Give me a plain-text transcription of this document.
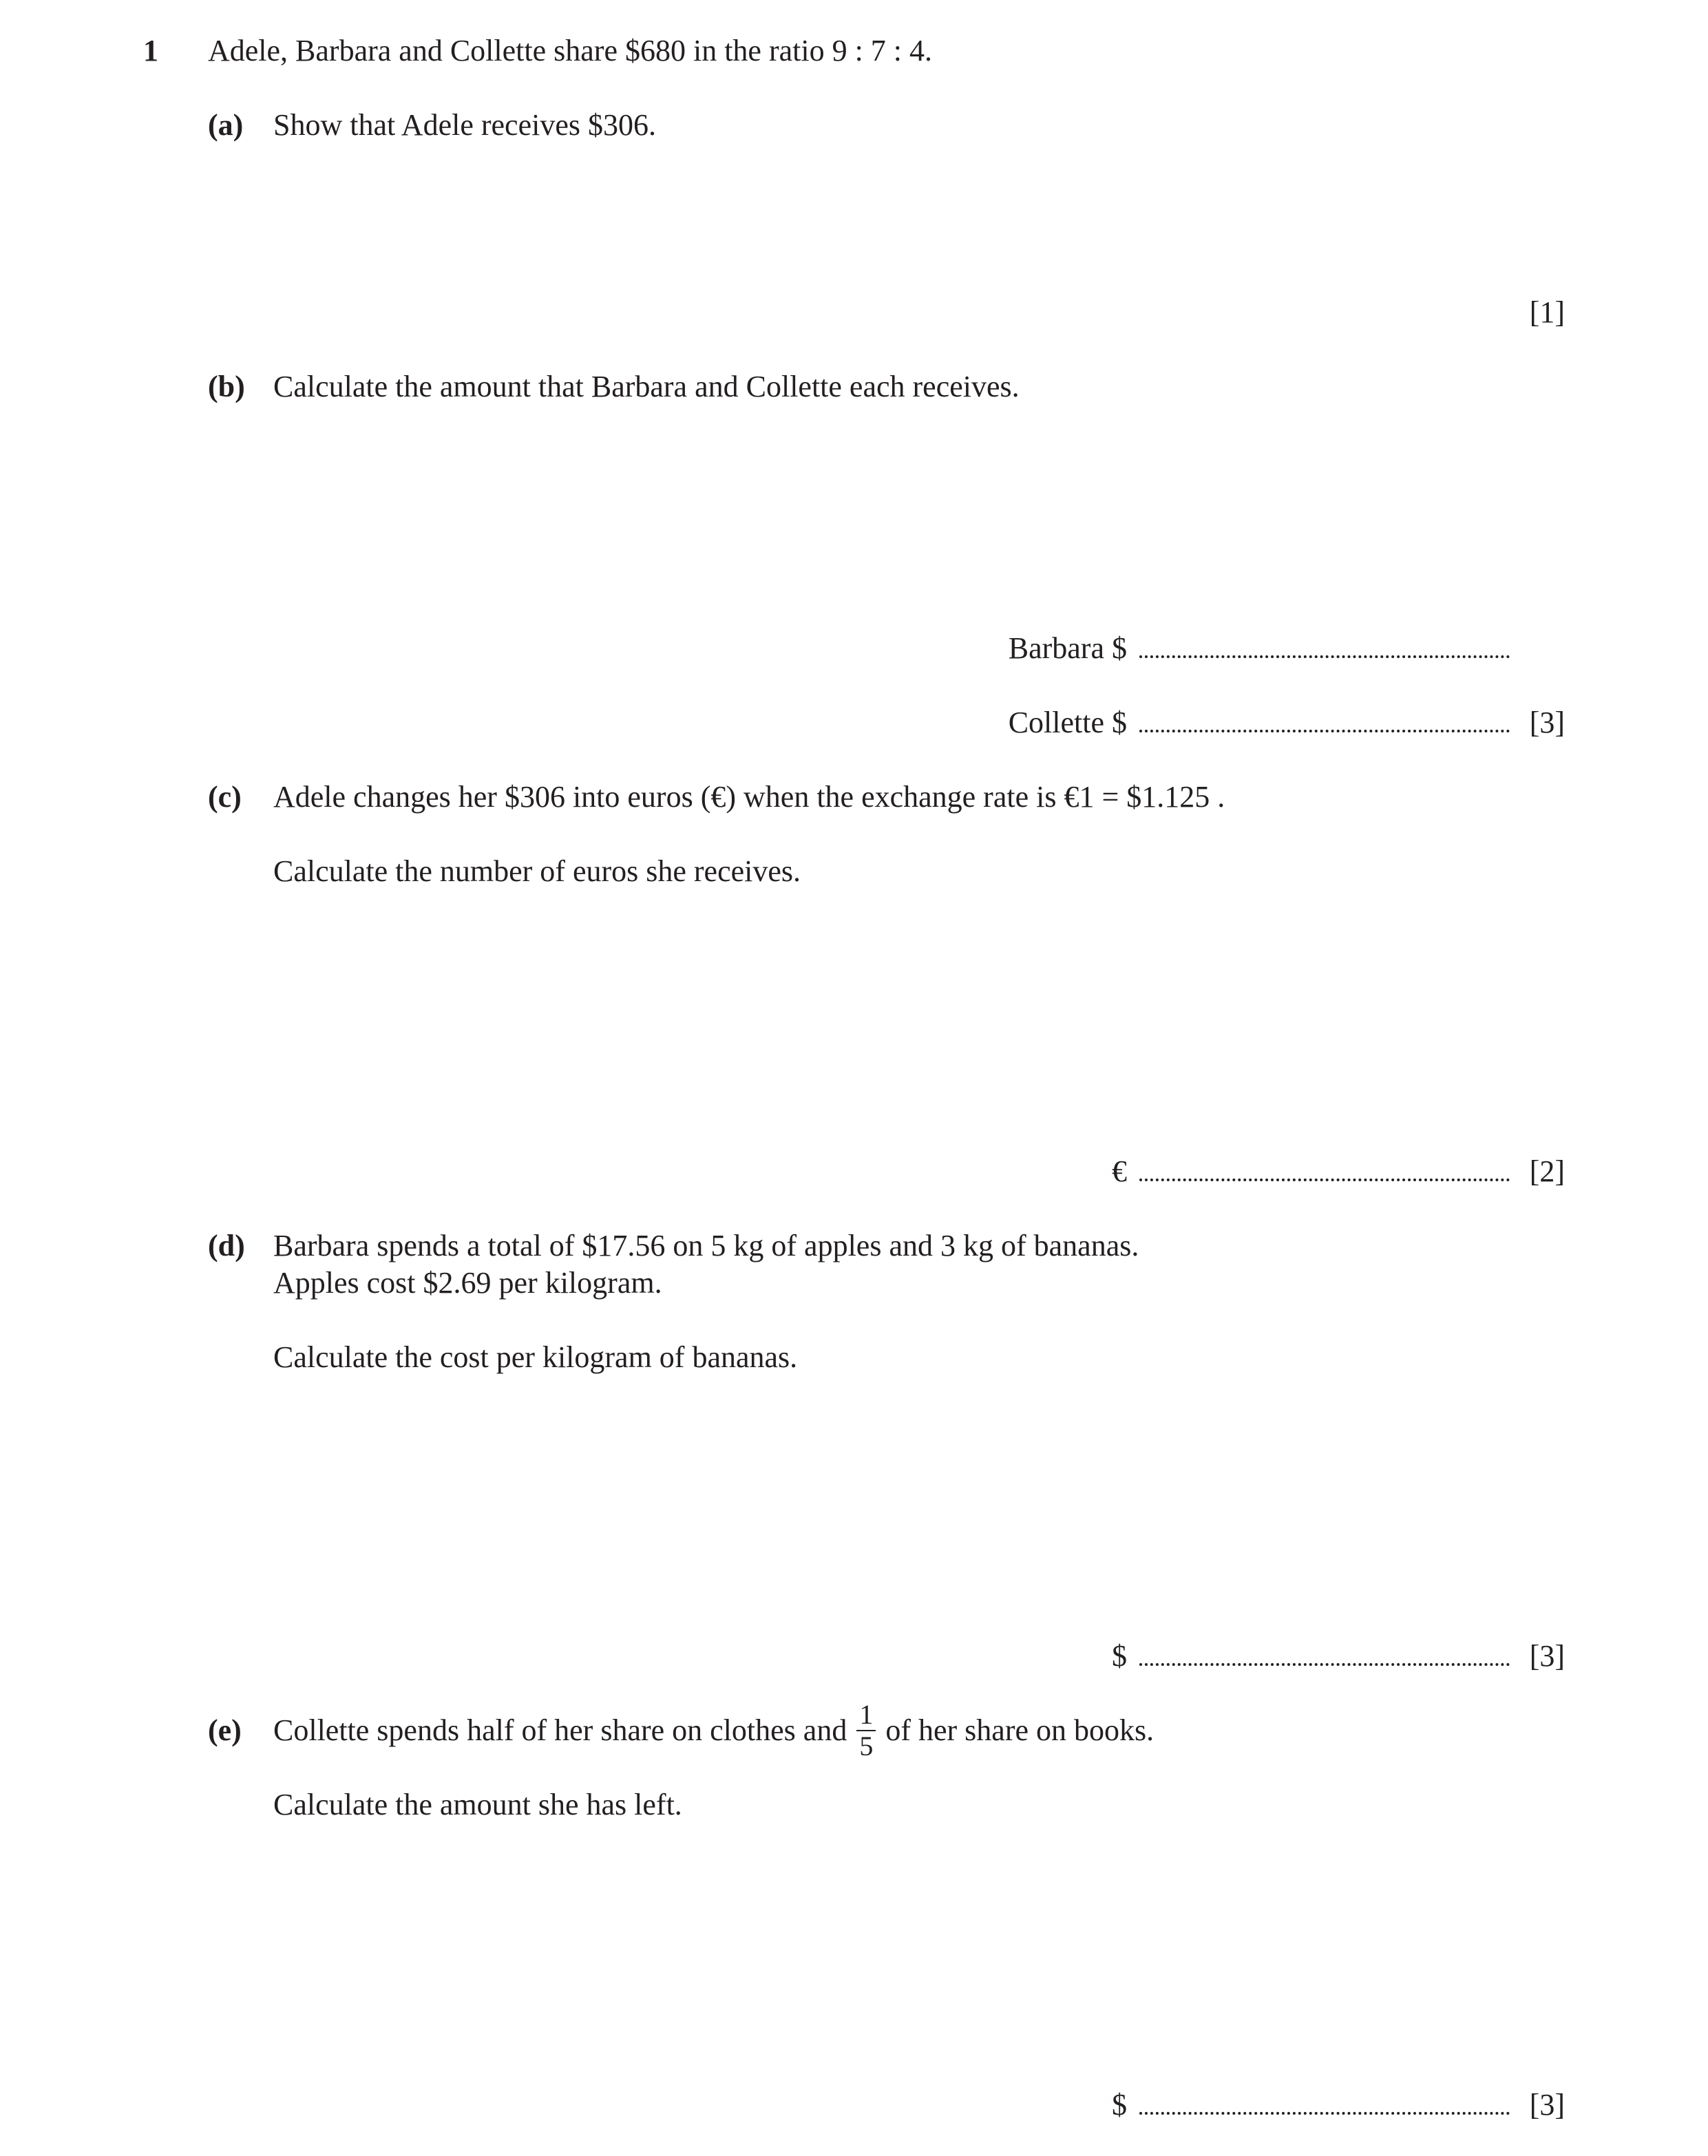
1 Adele, Barbara and Collette share $680 in the ratio 9 : 7 : 4.
(a) Show that Adele receives $306.
[1]
(b) Calculate the amount that Barbara and Collette each receives.
Barbara $
Collette $	[3]
(c) Adele changes her $306 into euros (€) when the exchange rate is €1 = $1.125 .
Calculate the number of euros she receives.
€	[2]
(d) Barbara spends a total of $17.56 on 5 kg of apples and 3 kg of bananas.
Apples cost $2.69 per kilogram.
Calculate the cost per kilogram of bananas.
$	[3]
(e) Collette spends half of her share on clothes and $\frac{1}{5}$ of her share on books.
Calculate the amount she has left.
$	[3]
